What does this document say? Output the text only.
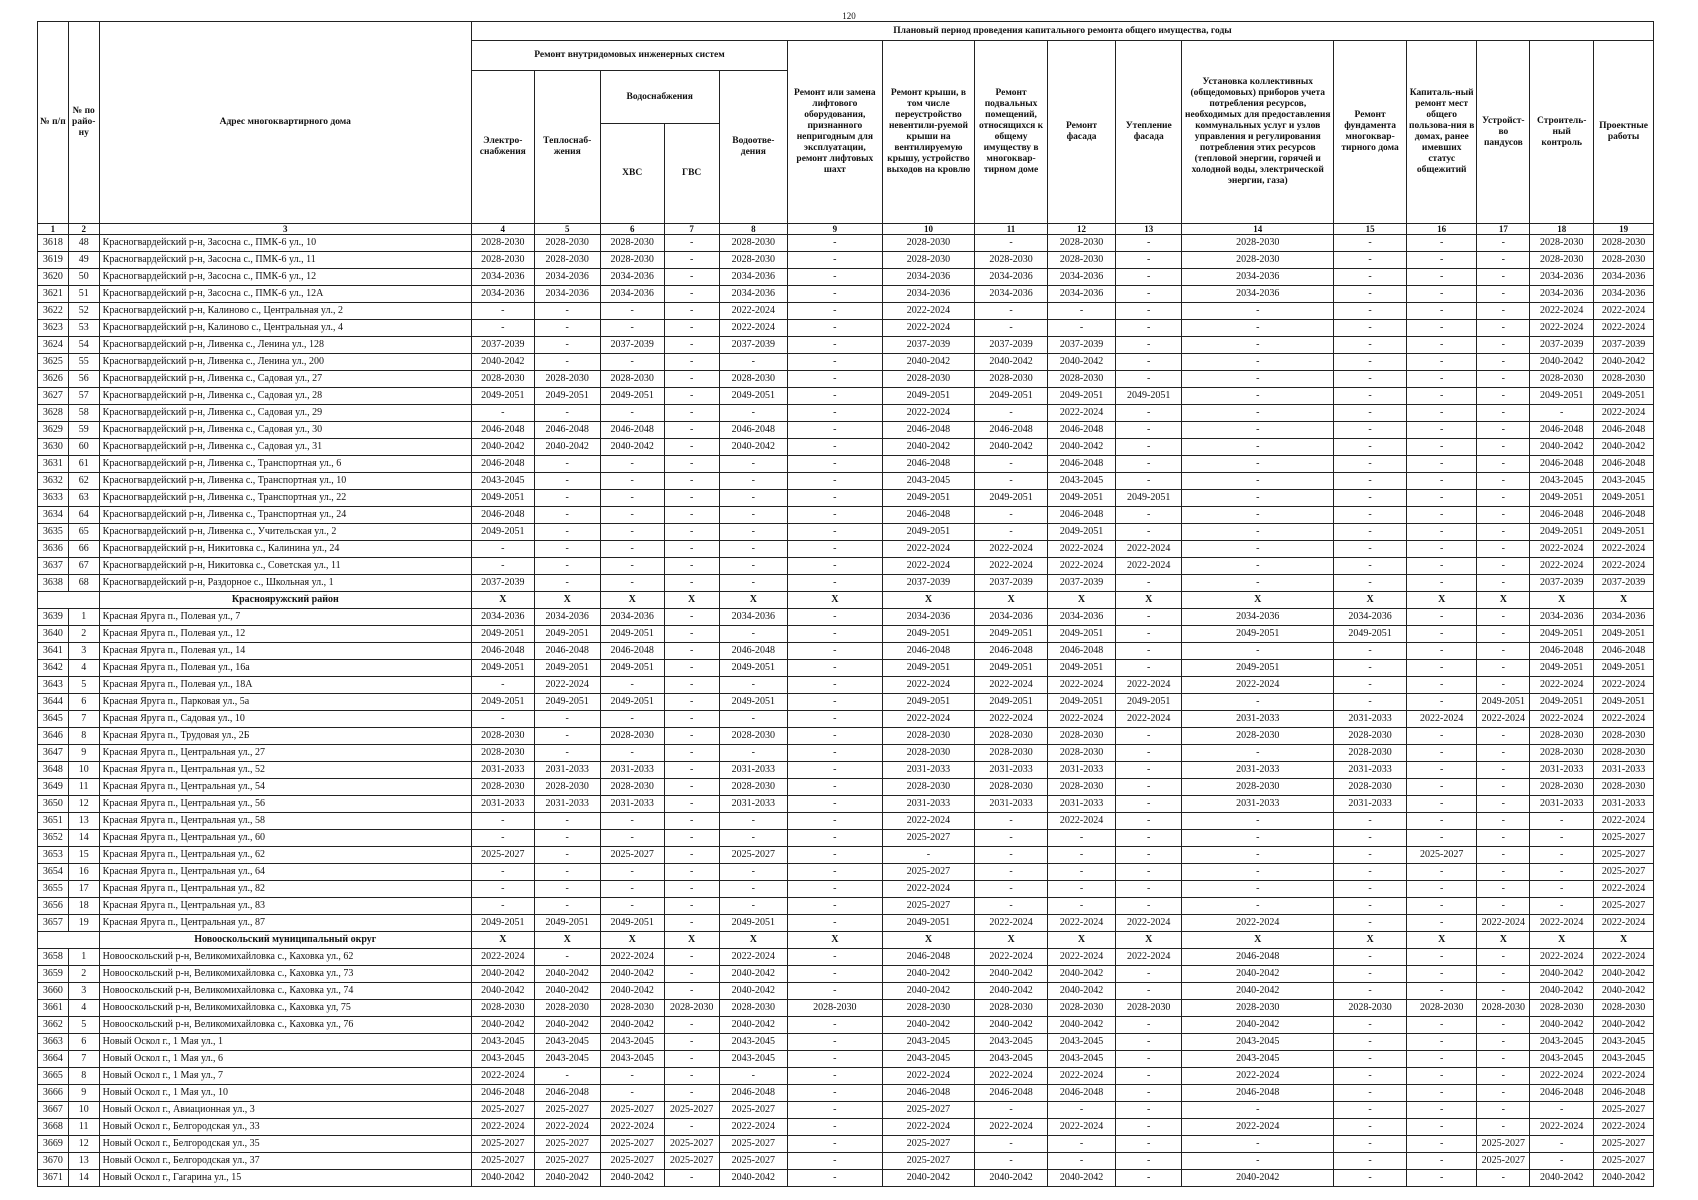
120
№ п/п	№ по райо-ну	Адрес многоквартирного дома	Плановый период проведения капитального ремонта общего имущества, годы															
			Ремонт внутридомовых инженерных систем					Ремонт или замена лифтового оборудования, признанного непригодным для эксплуатации, ремонт лифтовых шахт	Ремонт крыши, в том числе переустройство невентили-руемой крыши на вентилируемую крышу, устройство выходов на кровлю	Ремонт подвальных помещений, относящихся к общему имуществу в многоквар-тирном доме	Ремонт фасада	Утепление фасада	Установка коллективных (общедомовых) приборов учета потребления ресурсов, необходимых для предоставления коммунальных услуг и узлов управления и регулирования потребления этих ресурсов (тепловой энергии, горячей и холодной воды, электрической энергии, газа)	Ремонт фундамента многоквар-тирного дома	Капиталь-ный ремонт мест общего пользова-ния в домах, ранее имевших статус общежитий	Устройст-во пандусов	Строитель-ный контроль	Проектные работы
			Электро-снабжения	Теплоснаб-жения	Водоснабжения		Водоотве-дения											
					ХВС	ГВС												
1	2	3	4	5	6	7	8	9	10	11	12	13	14	15	16	17	18	19
3618	48	Красногвардейский р-н, Засосна с., ПМК-6 ул., 10	2028-2030	2028-2030	2028-2030	-	2028-2030	-	2028-2030	-	2028-2030	-	2028-2030	-	-	-	2028-2030	2028-2030
3619	49	Красногвардейский р-н, Засосна с., ПМК-6 ул., 11	2028-2030	2028-2030	2028-2030	-	2028-2030	-	2028-2030	2028-2030	2028-2030	-	2028-2030	-	-	-	2028-2030	2028-2030
3620	50	Красногвардейский р-н, Засосна с., ПМК-6 ул., 12	2034-2036	2034-2036	2034-2036	-	2034-2036	-	2034-2036	2034-2036	2034-2036	-	2034-2036	-	-	-	2034-2036	2034-2036
3621	51	Красногвардейский р-н, Засосна с., ПМК-6 ул., 12А	2034-2036	2034-2036	2034-2036	-	2034-2036	-	2034-2036	2034-2036	2034-2036	-	2034-2036	-	-	-	2034-2036	2034-2036
3622	52	Красногвардейский р-н, Калиново с., Центральная ул., 2	-	-	-	-	2022-2024	-	2022-2024	-	-	-	-	-	-	-	2022-2024	2022-2024
3623	53	Красногвардейский р-н, Калиново с., Центральная ул., 4	-	-	-	-	2022-2024	-	2022-2024	-	-	-	-	-	-	-	2022-2024	2022-2024
3624	54	Красногвардейский р-н, Ливенка с., Ленина ул., 128	2037-2039	-	2037-2039	-	2037-2039	-	2037-2039	2037-2039	2037-2039	-	-	-	-	-	2037-2039	2037-2039
3625	55	Красногвардейский р-н, Ливенка с., Ленина ул., 200	2040-2042	-	-	-	-	-	2040-2042	2040-2042	2040-2042	-	-	-	-	-	2040-2042	2040-2042
3626	56	Красногвардейский р-н, Ливенка с., Садовая ул., 27	2028-2030	2028-2030	2028-2030	-	2028-2030	-	2028-2030	2028-2030	2028-2030	-	-	-	-	-	2028-2030	2028-2030
3627	57	Красногвардейский р-н, Ливенка с., Садовая ул., 28	2049-2051	2049-2051	2049-2051	-	2049-2051	-	2049-2051	2049-2051	2049-2051	2049-2051	-	-	-	-	2049-2051	2049-2051
3628	58	Красногвардейский р-н, Ливенка с., Садовая ул., 29	-	-	-	-	-	-	2022-2024	-	2022-2024	-	-	-	-	-	-	2022-2024
3629	59	Красногвардейский р-н, Ливенка с., Садовая ул., 30	2046-2048	2046-2048	2046-2048	-	2046-2048	-	2046-2048	2046-2048	2046-2048	-	-	-	-	-	2046-2048	2046-2048
3630	60	Красногвардейский р-н, Ливенка с., Садовая ул., 31	2040-2042	2040-2042	2040-2042	-	2040-2042	-	2040-2042	2040-2042	2040-2042	-	-	-	-	-	2040-2042	2040-2042
3631	61	Красногвардейский р-н, Ливенка с., Транспортная ул., 6	2046-2048	-	-	-	-	-	2046-2048	-	2046-2048	-	-	-	-	-	2046-2048	2046-2048
3632	62	Красногвардейский р-н, Ливенка с., Транспортная ул., 10	2043-2045	-	-	-	-	-	2043-2045	-	2043-2045	-	-	-	-	-	2043-2045	2043-2045
3633	63	Красногвардейский р-н, Ливенка с., Транспортная ул., 22	2049-2051	-	-	-	-	-	2049-2051	2049-2051	2049-2051	2049-2051	-	-	-	-	2049-2051	2049-2051
3634	64	Красногвардейский р-н, Ливенка с., Транспортная ул., 24	2046-2048	-	-	-	-	-	2046-2048	-	2046-2048	-	-	-	-	-	2046-2048	2046-2048
3635	65	Красногвардейский р-н, Ливенка с., Учительская ул., 2	2049-2051	-	-	-	-	-	2049-2051	-	2049-2051	-	-	-	-	-	2049-2051	2049-2051
3636	66	Красногвардейский р-н, Никитовка с., Калинина ул., 24	-	-	-	-	-	-	2022-2024	2022-2024	2022-2024	2022-2024	-	-	-	-	2022-2024	2022-2024
3637	67	Красногвардейский р-н, Никитовка с., Советская ул., 11	-	-	-	-	-	-	2022-2024	2022-2024	2022-2024	2022-2024	-	-	-	-	2022-2024	2022-2024
3638	68	Красногвардейский р-н, Раздорное с., Школьная ул., 1	2037-2039	-	-	-	-	-	2037-2039	2037-2039	2037-2039	-	-	-	-	-	2037-2039	2037-2039
		Краснояружский район	X	X	X	X	X	X	X	X	X	X	X	X	X	X	X	X
3639	1	Красная Яруга п., Полевая ул., 7	2034-2036	2034-2036	2034-2036	-	2034-2036	-	2034-2036	2034-2036	2034-2036	-	2034-2036	2034-2036	-	-	2034-2036	2034-2036
3640	2	Красная Яруга п., Полевая ул., 12	2049-2051	2049-2051	2049-2051	-	-	-	2049-2051	2049-2051	2049-2051	-	2049-2051	2049-2051	-	-	2049-2051	2049-2051
3641	3	Красная Яруга п., Полевая ул., 14	2046-2048	2046-2048	2046-2048	-	2046-2048	-	2046-2048	2046-2048	2046-2048	-	-	-	-	-	2046-2048	2046-2048
3642	4	Красная Яруга п., Полевая ул., 16а	2049-2051	2049-2051	2049-2051	-	2049-2051	-	2049-2051	2049-2051	2049-2051	-	2049-2051	-	-	-	2049-2051	2049-2051
3643	5	Красная Яруга п., Полевая ул., 18А	-	2022-2024	-	-	-	-	2022-2024	2022-2024	2022-2024	2022-2024	2022-2024	-	-	-	2022-2024	2022-2024
3644	6	Красная Яруга п., Парковая ул., 5а	2049-2051	2049-2051	2049-2051	-	2049-2051	-	2049-2051	2049-2051	2049-2051	2049-2051	-	-	-	2049-2051	2049-2051	2049-2051
3645	7	Красная Яруга п., Садовая ул., 10	-	-	-	-	-	-	2022-2024	2022-2024	2022-2024	2022-2024	2031-2033	2031-2033	2022-2024	2022-2024	2022-2024	2022-2024
3646	8	Красная Яруга п., Трудовая ул., 2Б	2028-2030	-	2028-2030	-	2028-2030	-	2028-2030	2028-2030	2028-2030	-	2028-2030	2028-2030	-	-	2028-2030	2028-2030
3647	9	Красная Яруга п., Центральная ул., 27	2028-2030	-	-	-	-	-	2028-2030	2028-2030	2028-2030	-	-	2028-2030	-	-	2028-2030	2028-2030
3648	10	Красная Яруга п., Центральная ул., 52	2031-2033	2031-2033	2031-2033	-	2031-2033	-	2031-2033	2031-2033	2031-2033	-	2031-2033	2031-2033	-	-	2031-2033	2031-2033
3649	11	Красная Яруга п., Центральная ул., 54	2028-2030	2028-2030	2028-2030	-	2028-2030	-	2028-2030	2028-2030	2028-2030	-	2028-2030	2028-2030	-	-	2028-2030	2028-2030
3650	12	Красная Яруга п., Центральная ул., 56	2031-2033	2031-2033	2031-2033	-	2031-2033	-	2031-2033	2031-2033	2031-2033	-	2031-2033	2031-2033	-	-	2031-2033	2031-2033
3651	13	Красная Яруга п., Центральная ул., 58	-	-	-	-	-	-	2022-2024	-	2022-2024	-	-	-	-	-	-	2022-2024
3652	14	Красная Яруга п., Центральная ул., 60	-	-	-	-	-	-	2025-2027	-	-	-	-	-	-	-	-	2025-2027
3653	15	Красная Яруга п., Центральная ул., 62	2025-2027	-	2025-2027	-	2025-2027	-	-	-	-	-	-	-	2025-2027	-	-	2025-2027
3654	16	Красная Яруга п., Центральная ул., 64	-	-	-	-	-	-	2025-2027	-	-	-	-	-	-	-	-	2025-2027
3655	17	Красная Яруга п., Центральная ул., 82	-	-	-	-	-	-	2022-2024	-	-	-	-	-	-	-	-	2022-2024
3656	18	Красная Яруга п., Центральная ул., 83	-	-	-	-	-	-	2025-2027	-	-	-	-	-	-	-	-	2025-2027
3657	19	Красная Яруга п., Центральная ул., 87	2049-2051	2049-2051	2049-2051	-	2049-2051	-	2049-2051	2022-2024	2022-2024	2022-2024	2022-2024	-	-	2022-2024	2022-2024	2022-2024
		Новооскольский муниципальный округ	X	X	X	X	X	X	X	X	X	X	X	X	X	X	X	X
3658	1	Новооскольский р-н, Великомихайловка с., Каховка ул., 62	2022-2024	-	2022-2024	-	2022-2024	-	2046-2048	2022-2024	2022-2024	2022-2024	2046-2048	-	-	-	2022-2024	2022-2024
3659	2	Новооскольский р-н, Великомихайловка с., Каховка ул., 73	2040-2042	2040-2042	2040-2042	-	2040-2042	-	2040-2042	2040-2042	2040-2042	-	2040-2042	-	-	-	2040-2042	2040-2042
3660	3	Новооскольский р-н, Великомихайловка с., Каховка ул., 74	2040-2042	2040-2042	2040-2042	-	2040-2042	-	2040-2042	2040-2042	2040-2042	-	2040-2042	-	-	-	2040-2042	2040-2042
3661	4	Новооскольский р-н, Великомихайловка с., Каховка ул, 75	2028-2030	2028-2030	2028-2030	2028-2030	2028-2030	2028-2030	2028-2030	2028-2030	2028-2030	2028-2030	2028-2030	2028-2030	2028-2030	2028-2030	2028-2030	2028-2030
3662	5	Новооскольский р-н, Великомихайловка с., Каховка ул., 76	2040-2042	2040-2042	2040-2042	-	2040-2042	-	2040-2042	2040-2042	2040-2042	-	2040-2042	-	-	-	2040-2042	2040-2042
3663	6	Новый Оскол г., 1 Мая ул., 1	2043-2045	2043-2045	2043-2045	-	2043-2045	-	2043-2045	2043-2045	2043-2045	-	2043-2045	-	-	-	2043-2045	2043-2045
3664	7	Новый Оскол г., 1 Мая ул., 6	2043-2045	2043-2045	2043-2045	-	2043-2045	-	2043-2045	2043-2045	2043-2045	-	2043-2045	-	-	-	2043-2045	2043-2045
3665	8	Новый Оскол г., 1 Мая ул., 7	2022-2024	-	-	-	-	-	2022-2024	2022-2024	2022-2024	-	2022-2024	-	-	-	2022-2024	2022-2024
3666	9	Новый Оскол г., 1 Мая ул., 10	2046-2048	2046-2048	-	-	2046-2048	-	2046-2048	2046-2048	2046-2048	-	2046-2048	-	-	-	2046-2048	2046-2048
3667	10	Новый Оскол г., Авиационная ул., 3	2025-2027	2025-2027	2025-2027	2025-2027	2025-2027	-	2025-2027	-	-	-	-	-	-	-	-	2025-2027
3668	11	Новый Оскол г., Белгородская ул., 33	2022-2024	2022-2024	2022-2024	-	2022-2024	-	2022-2024	2022-2024	2022-2024	-	2022-2024	-	-	-	2022-2024	2022-2024
3669	12	Новый Оскол г., Белгородская ул., 35	2025-2027	2025-2027	2025-2027	2025-2027	2025-2027	-	2025-2027	-	-	-	-	-	-	2025-2027	-	2025-2027
3670	13	Новый Оскол г., Белгородская ул., 37	2025-2027	2025-2027	2025-2027	2025-2027	2025-2027	-	2025-2027	-	-	-	-	-	-	2025-2027	-	2025-2027
3671	14	Новый Оскол г., Гагарина ул., 15	2040-2042	2040-2042	2040-2042	-	2040-2042	-	2040-2042	2040-2042	2040-2042	-	2040-2042	-	-	-	2040-2042	2040-2042
